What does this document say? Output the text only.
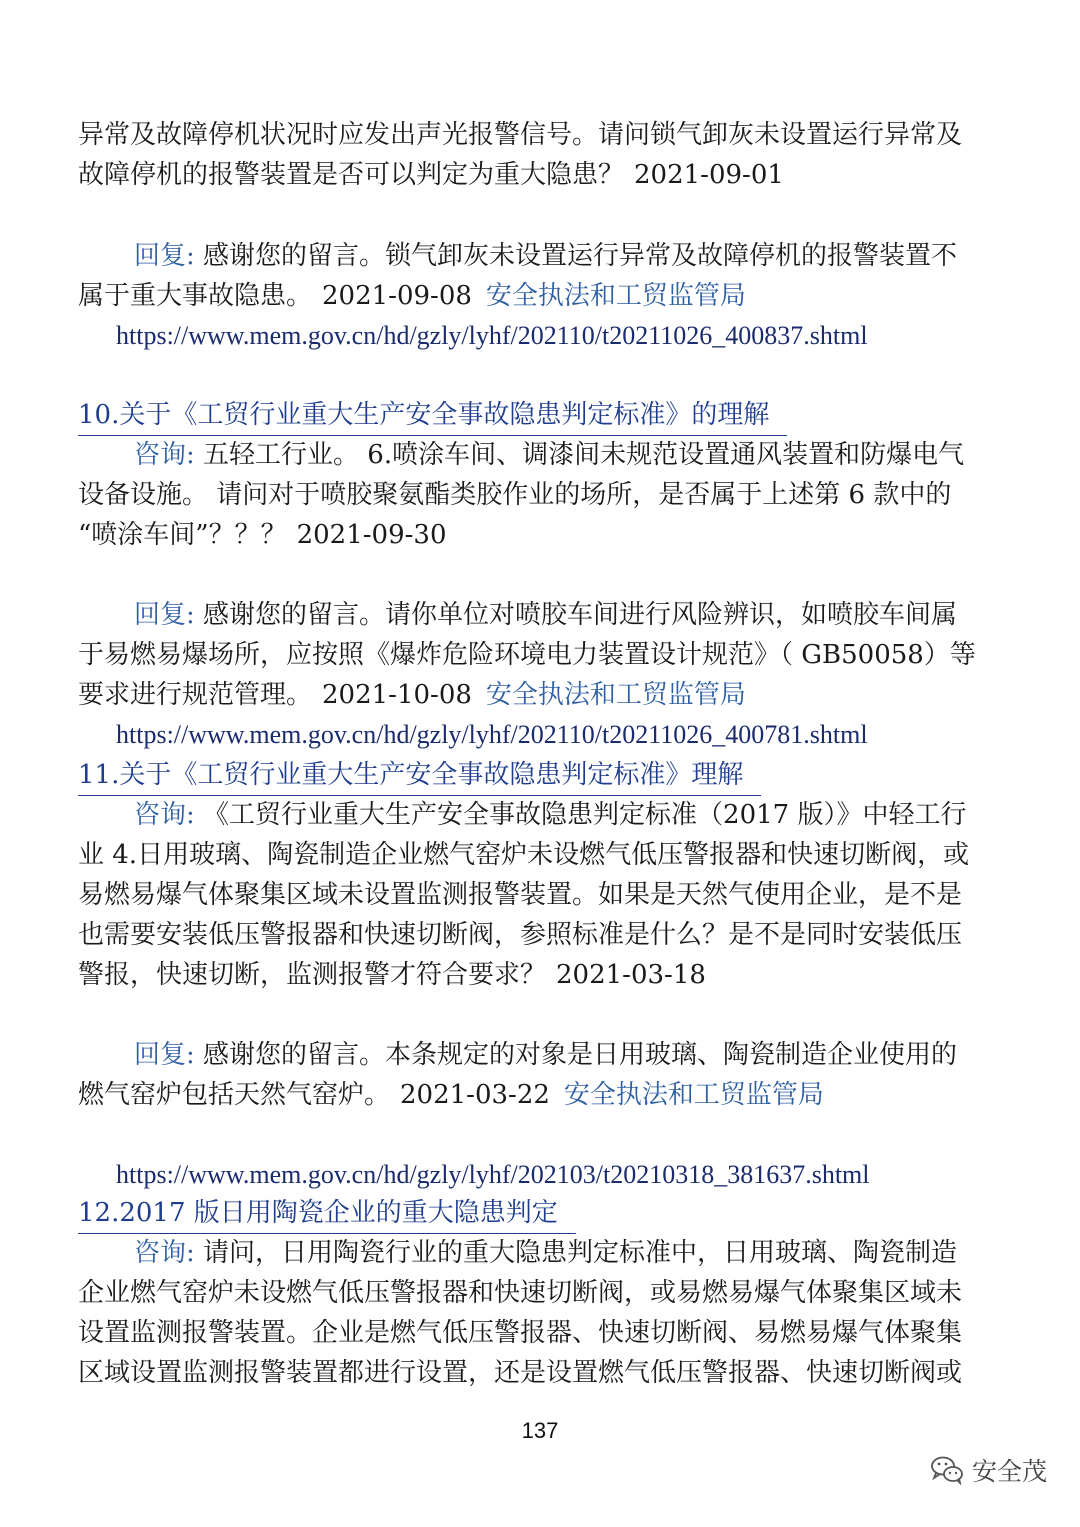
异常及故障停机状况时应发出声光报警信号。请问锁气卸灰未设置运行异常及
故障停机的报警装置是否可以判定为重大隐患？ 2021-09-01
回复: 感谢您的留言。锁气卸灰未设置运行异常及故障停机的报警装置不
属于重大事故隐患。 2021-09-08 安全执法和工贸监管局
https://www.mem.gov.cn/hd/gzly/lyhf/202110/t20211026_400837.shtml
10.关于《工贸行业重大生产安全事故隐患判定标准》的理解
咨询: 五轻工行业。 6.喷涂车间、调漆间未规范设置通风装置和防爆电气
设备设施。 请问对于喷胶聚氨酯类胶作业的场所，是否属于上述第 6 款中的
“喷涂车间”？？？ 2021-09-30
回复: 感谢您的留言。请你单位对喷胶车间进行风险辨识，如喷胶车间属
于易燃易爆场所，应按照《爆炸危险环境电力装置设计规范》（ GB50058）等
要求进行规范管理。 2021-10-08 安全执法和工贸监管局
https://www.mem.gov.cn/hd/gzly/lyhf/202110/t20211026_400781.shtml
11.关于《工贸行业重大生产安全事故隐患判定标准》理解
咨询: 《工贸行业重大生产安全事故隐患判定标准（2017 版）》中轻工行
业 4.日用玻璃、陶瓷制造企业燃气窑炉未设燃气低压警报器和快速切断阀，或
易燃易爆气体聚集区域未设置监测报警装置。如果是天然气使用企业，是不是
也需要安装低压警报器和快速切断阀，参照标准是什么？是不是同时安装低压
警报，快速切断，监测报警才符合要求？ 2021-03-18
回复: 感谢您的留言。本条规定的对象是日用玻璃、陶瓷制造企业使用的
燃气窑炉包括天然气窑炉。 2021-03-22 安全执法和工贸监管局
https://www.mem.gov.cn/hd/gzly/lyhf/202103/t20210318_381637.shtml
12.2017 版日用陶瓷企业的重大隐患判定
咨询: 请问，日用陶瓷行业的重大隐患判定标准中，日用玻璃、陶瓷制造
企业燃气窑炉未设燃气低压警报器和快速切断阀，或易燃易爆气体聚集区域未
设置监测报警装置。企业是燃气低压警报器、快速切断阀、易燃易爆气体聚集
区域设置监测报警装置都进行设置，还是设置燃气低压警报器、快速切断阀或
137
安全茂
